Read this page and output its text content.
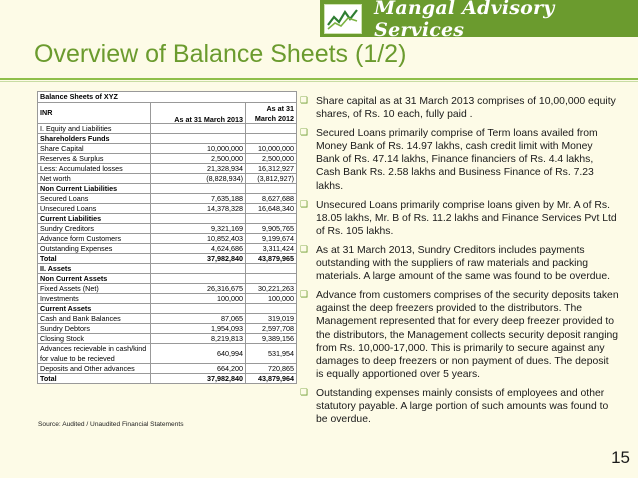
Mangal Advisory Services
Overview of Balance Sheets (1/2)
Balance Sheets of XYZ		
INR	As at 31 March 2013	As at 31
March 2012

I. Equity and Liabilities		
Shareholders Funds		
Share Capital	10,000,000	10,000,000
Reserves & Surplus	2,500,000	2,500,000
Less: Accumulated losses	21,328,934	16,312,927
Net worth	(8,828,934)	(3,812,927)
Non Current Liabilities		
Secured Loans	7,635,188	8,627,688
Unsecured Loans	14,378,328	16,648,340
Current Liabilities		
Sundry Creditors	9,321,169	9,905,765
Advance form Customers	10,852,403	9,199,674
Outstanding Expenses	4,624,686	3,311,424
Total	37,982,840	43,879,965
II. Assets		
Non Current Assets		
Fixed Assets (Net)	26,316,675	30,221,263
Investments	100,000	100,000
Current Assets		
Cash and Bank Balances	87,065	319,019
Sundry Debtors	1,954,093	2,597,708
Closing Stock	8,219,813	9,389,156
Advances recievable in cash/kind for value to be recieved	640,994	531,954
Deposits and Other advances	664,200	720,865
Total	37,982,840	43,879,964
Source: Audited / Unaudited Financial Statements
❏ Share capital as at 31 March 2013 comprises of 10,00,000 equity shares, of Rs. 10 each, fully paid .
❏ Secured Loans primarily comprise of Term loans availed from Money Bank of Rs. 14.97 lakhs, cash credit limit with Money Bank of Rs. 47.14 lakhs, Finance financiers of Rs. 4.4 lakhs, Cash Bank Rs. 2.58 lakhs and Business Finance of Rs. 7.23 lakhs.
❏ Unsecured Loans primarily comprise loans given by Mr. A of Rs. 18.05 lakhs, Mr. B of Rs. 11.2 lakhs and Finance Services Pvt Ltd of Rs. 105 lakhs.
❏ As at 31 March 2013, Sundry Creditors includes payments outstanding with the suppliers of raw materials and packing materials. A large amount of the same was found to be overdue.
❏ Advance from customers comprises of the security deposits taken against the deep freezers provided to the distributors. The Management represented that for every deep freezer provided to the distributors, the Management collects security deposit ranging from Rs. 10,000-17,000. This is primarily to secure against any damages to deep freezers or non payment of dues. The deposit is equally apportioned over 5 years.
❏ Outstanding expenses mainly consists of employees and other statutory payable. A large portion of such amounts was found to be overdue.
15
